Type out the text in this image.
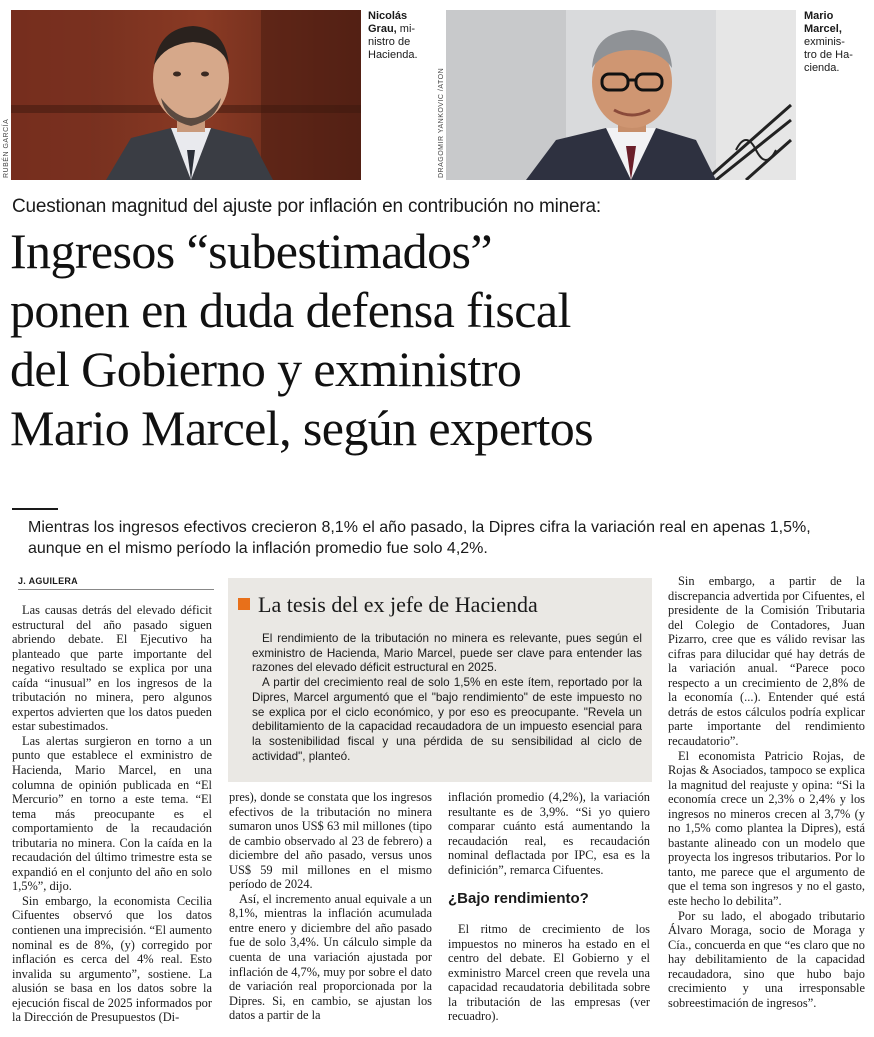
RUBÉN GARCÍA
Nicolás Grau, mi-
nistro de
Hacienda.
DRAGOMIR YANKOVIC /ATON
Mario
Marcel,
exminis-
tro de Ha-
cienda.
Cuestionan magnitud del ajuste por inflación en contribución no minera:
Ingresos “subestimados”
ponen en duda defensa fiscal
del Gobierno y exministro
Mario Marcel, según expertos
Mientras los ingresos efectivos crecieron 8,1% el año pasado, la Dipres cifra la variación real en apenas 1,5%, aunque en el mismo período la inflación promedio fue solo 4,2%.
J. AGUILERA

Las causas detrás del elevado déficit estructural del año pasado siguen abriendo debate. El Ejecutivo ha planteado que parte importante del negativo resultado se explica por una caída “inusual” en los ingresos de la tributación no minera, pero algunos expertos advierten que los datos pueden estar subestimados.

Las alertas surgieron en torno a un punto que establece el exministro de Hacienda, Mario Marcel, en una columna de opinión publicada en “El Mercurio” en torno a este tema. “El tema más preocupante es el comportamiento de la recaudación tributaria no minera. Con la caída en la recaudación del último trimestre esta se expandió en el conjunto del año en solo 1,5%”, dijo.

Sin embargo, la economista Cecilia Cifuentes observó que los datos contienen una imprecisión. “El aumento nominal es de 8%, (y) corregido por inflación es cerca del 4% real. Esto invalida su argumento”, sostiene. La alusión se basa en los datos sobre la ejecución fiscal de 2025 informados por la Dirección de Presupuestos (Di-

La tesis del ex jefe de Hacienda

El rendimiento de la tributación no minera es relevante, pues según el exministro de Hacienda, Mario Marcel, puede ser clave para entender las razones del elevado déficit estructural en 2025.

A partir del crecimiento real de solo 1,5% en este ítem, reportado por la Dipres, Marcel argumentó que el "bajo rendimiento" de este impuesto no se explica por el ciclo económico, y por eso es preocupante. "Revela un debilitamiento de la capacidad recaudadora de un impuesto esencial para la sostenibilidad fiscal y una pérdida de su sensibilidad al ciclo de actividad", planteó.

pres), donde se constata que los ingresos efectivos de la tributación no minera sumaron unos US$ 63 mil millones (tipo de cambio observado al 23 de febrero) a diciembre del año pasado, versus unos US$ 59 mil millones en el mismo período de 2024.

Así, el incremento anual equivale a un 8,1%, mientras la inflación acumulada entre enero y diciembre del año pasado fue de solo 3,4%. Un cálculo simple da cuenta de una variación ajustada por inflación de 4,7%, muy por sobre el dato de variación real proporcionada por la Dipres. Si, en cambio, se ajustan los datos a partir de la

inflación promedio (4,2%), la variación resultante es de 3,9%. “Si yo quiero comparar cuánto está aumentando la recaudación real, es recaudación nominal deflactada por IPC, esa es la definición”, remarca Cifuentes.

¿Bajo rendimiento?

El ritmo de crecimiento de los impuestos no mineros ha estado en el centro del debate. El Gobierno y el exministro Marcel creen que revela una capacidad recaudatoria debilitada sobre la tributación de las empresas (ver recuadro).

Sin embargo, a partir de la discrepancia advertida por Cifuentes, el presidente de la Comisión Tributaria del Colegio de Contadores, Juan Pizarro, cree que es válido revisar las cifras para dilucidar qué hay detrás de la variación anual. “Parece poco respecto a un crecimiento de 2,8% de la economía (...). Entender qué está detrás de estos cálculos podría explicar parte importante del rendimiento recaudatorio”.

El economista Patricio Rojas, de Rojas & Asociados, tampoco se explica la magnitud del reajuste y opina: “Si la economía crece un 2,3% o 2,4% y los ingresos no mineros crecen al 3,7% (y no 1,5% como plantea la Dipres), está bastante alineado con un modelo que proyecta los ingresos tributarios. Por lo tanto, me parece que el argumento de que el tema son ingresos y no el gasto, este hecho lo debilita”.

Por su lado, el abogado tributario Álvaro Moraga, socio de Moraga y Cía., concuerda en que “es claro que no hay debilitamiento de la capacidad recaudadora, sino que hubo bajo crecimiento y una irresponsable sobreestimación de ingresos”.
